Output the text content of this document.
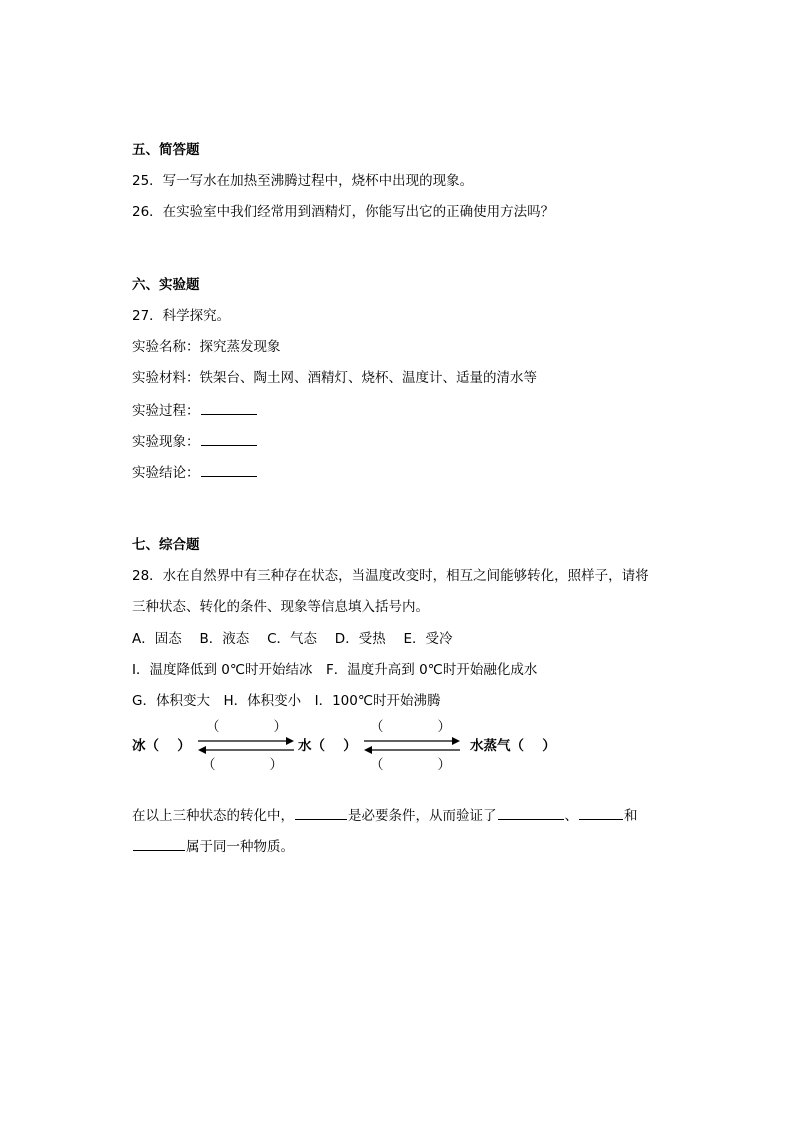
五、简答题
25．写一写水在加热至沸腾过程中，烧杯中出现的现象。
26．在实验室中我们经常用到酒精灯，你能写出它的正确使用方法吗？
六、实验题
27．科学探究。
实验名称：探究蒸发现象
实验材料：铁架台、陶土网、酒精灯、烧杯、温度计、适量的清水等
实验过程：
实验现象：
实验结论：
七、综合题
28．水在自然界中有三种存在状态，当温度改变时，相互之间能够转化，照样子，请将
三种状态、转化的条件、现象等信息填入括号内。
A．固态　 B．液态　 C．气态　 D．受热　 E．受冷
I．温度降低到 0℃时开始结冰　F．温度升高到 0℃时开始融化成水
G．体积变大　H．体积变小　I．100℃时开始沸腾
冰（　 ）
（　　　　）
（　　　　）
水（　 ）
（　　　　）
（　　　　）
水蒸气（　 ）
在以上三种状态的转化中，	是必要条件，从而验证了	、	和
属于同一种物质。
